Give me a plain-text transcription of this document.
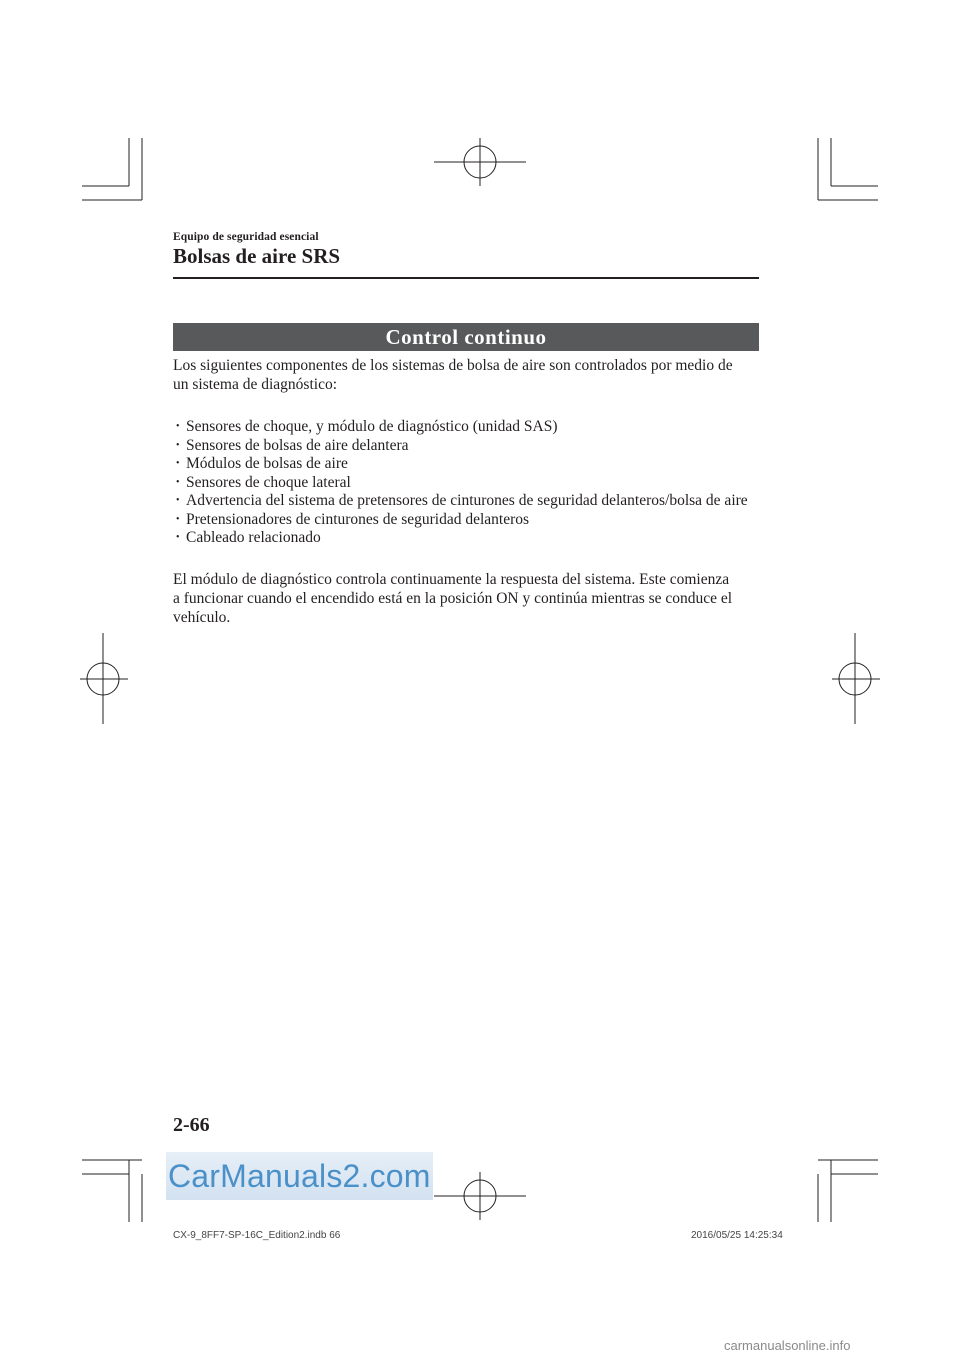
Equipo de seguridad esencial
Bolsas de aire SRS
Control continuo
Los siguientes componentes de los sistemas de bolsa de aire son controlados por medio de
un sistema de diagnóstico:
• Sensores de choque, y módulo de diagnóstico (unidad SAS)
• Sensores de bolsas de aire delantera
• Módulos de bolsas de aire
• Sensores de choque lateral
• Advertencia del sistema de pretensores de cinturones de seguridad delanteros/bolsa de aire
• Pretensionadores de cinturones de seguridad delanteros
• Cableado relacionado
El módulo de diagnóstico controla continuamente la respuesta del sistema. Este comienza
a funcionar cuando el encendido está en la posición ON y continúa mientras se conduce el
vehículo.
2-66
CarManuals2.com
CX-9_8FF7-SP-16C_Edition2.indb 66	2016/05/25 14:25:34
carmanualsonline.info
